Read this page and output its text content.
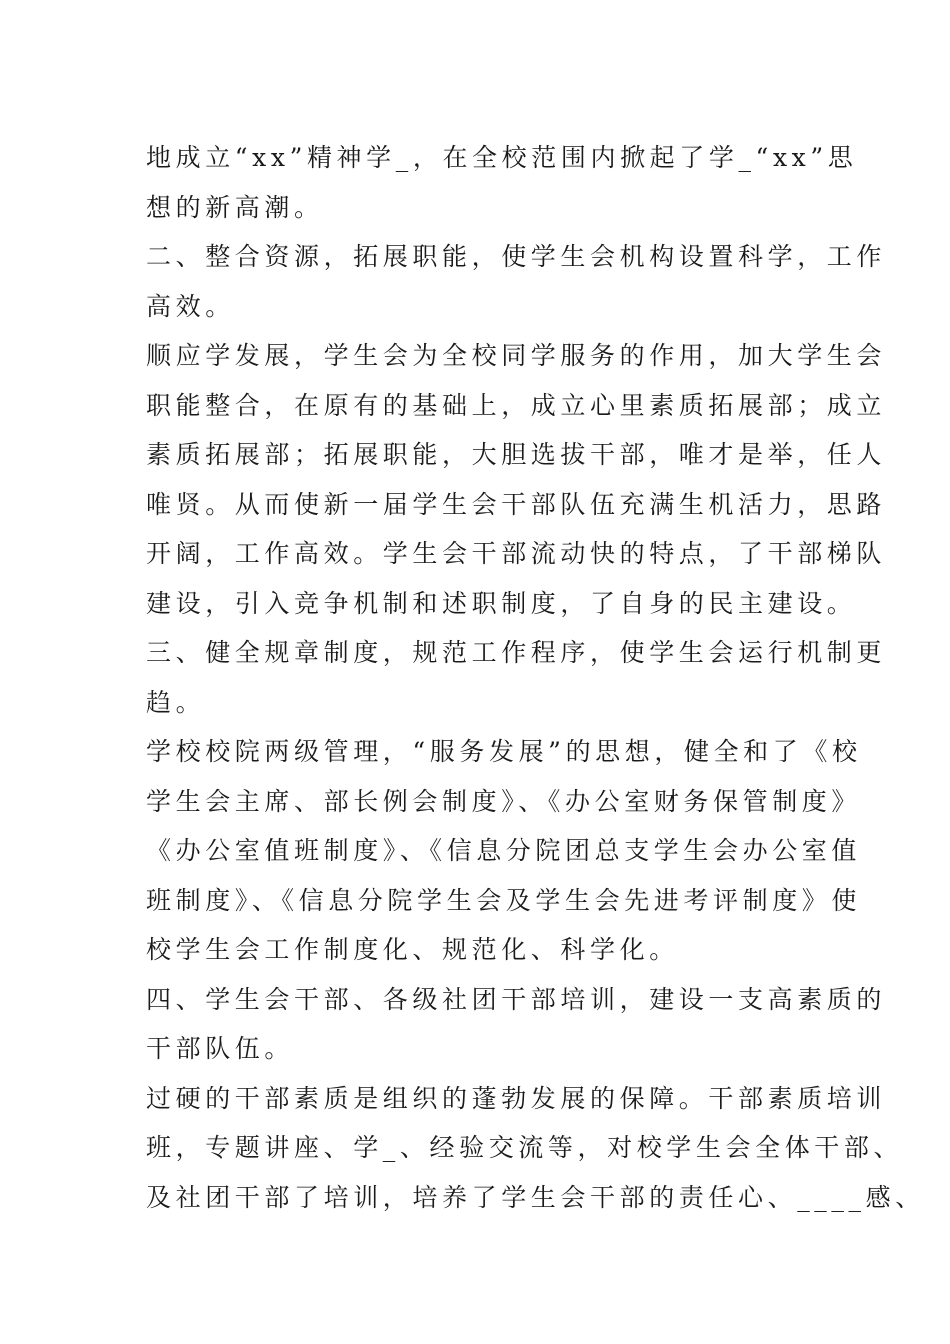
地成立“xx”精神学_，在全校范围内掀起了学_“xx”思
想的新高潮。
二、整合资源，拓展职能，使学生会机构设置科学，工作
高效。
顺应学发展，学生会为全校同学服务的作用，加大学生会
职能整合，在原有的基础上，成立心里素质拓展部；成立
素质拓展部；拓展职能，大胆选拔干部，唯才是举，任人
唯贤。从而使新一届学生会干部队伍充满生机活力，思路
开阔，工作高效。学生会干部流动快的特点，了干部梯队
建设，引入竞争机制和述职制度，了自身的民主建设。
三、健全规章制度，规范工作程序，使学生会运行机制更
趋。
学校校院两级管理，“服务发展”的思想，健全和了《校
学生会主席、部长例会制度》、《办公室财务保管制度》
《办公室值班制度》、《信息分院团总支学生会办公室值
班制度》、《信息分院学生会及学生会先进考评制度》使
校学生会工作制度化、规范化、科学化。
四、学生会干部、各级社团干部培训，建设一支高素质的
干部队伍。
过硬的干部素质是组织的蓬勃发展的保障。干部素质培训
班，专题讲座、学_、经验交流等，对校学生会全体干部、
及社团干部了培训，培养了学生会干部的责任心、____感、
